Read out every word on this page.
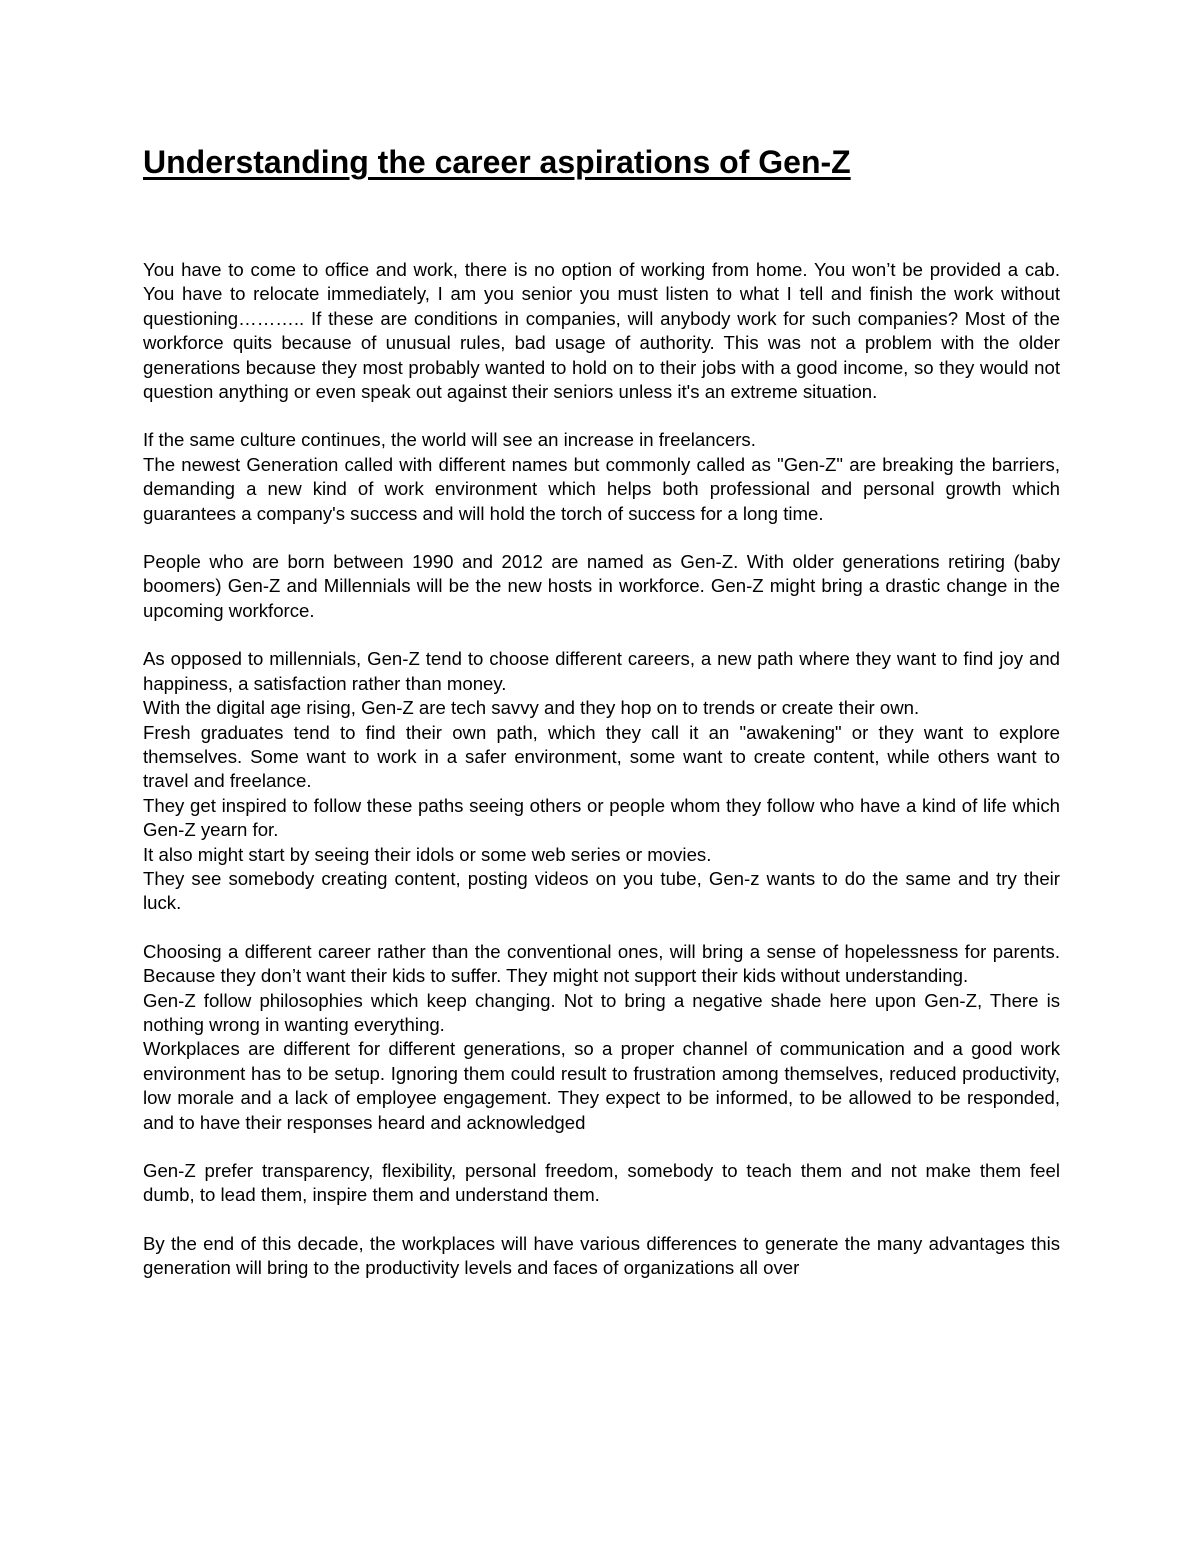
Understanding the career aspirations of Gen-Z

You have to come to office and work, there is no option of working from home. You won’t be provided a cab. You have to relocate immediately, I am you senior you must listen to what I tell and finish the work without questioning……….. If these are conditions in companies, will anybody work for such companies? Most of the workforce quits because of unusual rules, bad usage of authority. This was not a problem with the older generations because they most probably wanted to hold on to their jobs with a good income, so they would not question anything or even speak out against their seniors unless it's an extreme situation.

If the same culture continues, the world will see an increase in freelancers.

The newest Generation called with different names but commonly called as "Gen-Z" are breaking the barriers, demanding a new kind of work environment which helps both professional and personal growth which guarantees a company's success and will hold the torch of success for a long time.

People who are born between 1990 and 2012 are named as Gen-Z. With older generations retiring (baby boomers) Gen-Z and Millennials will be the new hosts in workforce. Gen-Z might bring a drastic change in the upcoming workforce.

As opposed to millennials, Gen-Z tend to choose different careers, a new path where they want to find joy and happiness, a satisfaction rather than money.

With the digital age rising, Gen-Z are tech savvy and they hop on to trends or create their own.

Fresh graduates tend to find their own path, which they call it an "awakening" or they want to explore themselves. Some want to work in a safer environment, some want to create content, while others want to travel and freelance.

They get inspired to follow these paths seeing others or people whom they follow who have a kind of life which Gen-Z yearn for.

It also might start by seeing their idols or some web series or movies.

They see somebody creating content, posting videos on you tube, Gen-z wants to do the same and try their luck.

Choosing a different career rather than the conventional ones, will bring a sense of hopelessness for parents. Because they don’t want their kids to suffer. They might not support their kids without understanding.

Gen-Z follow philosophies which keep changing. Not to bring a negative shade here upon Gen-Z, There is nothing wrong in wanting everything.

Workplaces are different for different generations, so a proper channel of communication and a good work environment has to be setup. Ignoring them could result to frustration among themselves, reduced productivity, low morale and a lack of employee engagement. They expect to be informed, to be allowed to be responded, and to have their responses heard and acknowledged

Gen-Z prefer transparency, flexibility, personal freedom, somebody to teach them and not make them feel dumb, to lead them, inspire them and understand them.

By the end of this decade, the workplaces will have various differences to generate the many advantages this generation will bring to the productivity levels and faces of organizations all over
